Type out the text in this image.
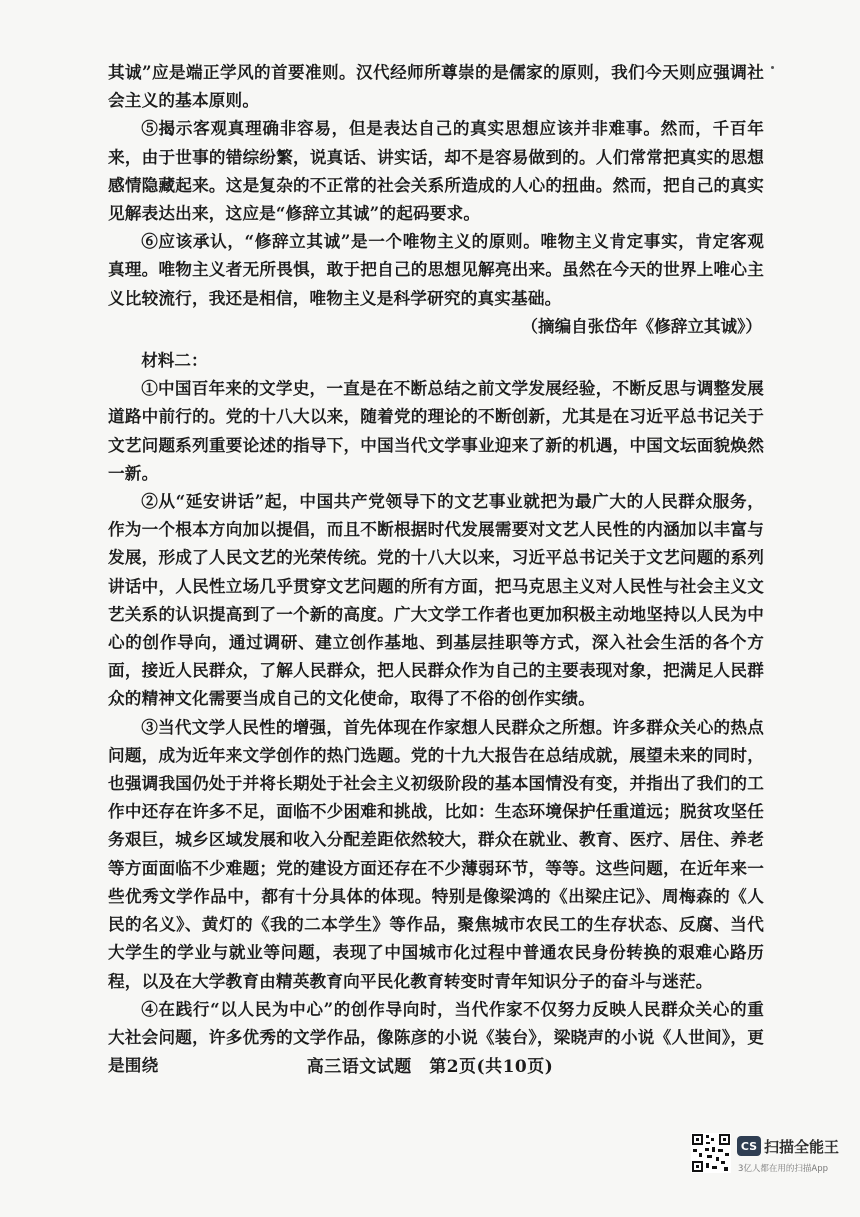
其诚”应是端正学风的首要准则。汉代经师所尊崇的是儒家的原则，我们今天则应强调社会主义的基本原则。

⑤揭示客观真理确非容易，但是表达自己的真实思想应该并非难事。然而，千百年来，由于世事的错综纷繁，说真话、讲实话，却不是容易做到的。人们常常把真实的思想感情隐藏起来。这是复杂的不正常的社会关系所造成的人心的扭曲。然而，把自己的真实见解表达出来，这应是“修辞立其诚”的起码要求。

⑥应该承认，“修辞立其诚”是一个唯物主义的原则。唯物主义肯定事实，肯定客观真理。唯物主义者无所畏惧，敢于把自己的思想见解亮出来。虽然在今天的世界上唯心主义比较流行，我还是相信，唯物主义是科学研究的真实基础。

（摘编自张岱年《修辞立其诚》）

材料二：

①中国百年来的文学史，一直是在不断总结之前文学发展经验，不断反思与调整发展道路中前行的。党的十八大以来，随着党的理论的不断创新，尤其是在习近平总书记关于文艺问题系列重要论述的指导下，中国当代文学事业迎来了新的机遇，中国文坛面貌焕然一新。

②从“延安讲话”起，中国共产党领导下的文艺事业就把为最广大的人民群众服务，作为一个根本方向加以提倡，而且不断根据时代发展需要对文艺人民性的内涵加以丰富与发展，形成了人民文艺的光荣传统。党的十八大以来，习近平总书记关于文艺问题的系列讲话中，人民性立场几乎贯穿文艺问题的所有方面，把马克思主义对人民性与社会主义文艺关系的认识提高到了一个新的高度。广大文学工作者也更加积极主动地坚持以人民为中心的创作导向，通过调研、建立创作基地、到基层挂职等方式，深入社会生活的各个方面，接近人民群众，了解人民群众，把人民群众作为自己的主要表现对象，把满足人民群众的精神文化需要当成自己的文化使命，取得了不俗的创作实绩。

③当代文学人民性的增强，首先体现在作家想人民群众之所想。许多群众关心的热点问题，成为近年来文学创作的热门选题。党的十九大报告在总结成就，展望未来的同时，也强调我国仍处于并将长期处于社会主义初级阶段的基本国情没有变，并指出了我们的工作中还存在许多不足，面临不少困难和挑战，比如：生态环境保护任重道远；脱贫攻坚任务艰巨，城乡区域发展和收入分配差距依然较大，群众在就业、教育、医疗、居住、养老等方面面临不少难题；党的建设方面还存在不少薄弱环节，等等。这些问题，在近年来一些优秀文学作品中，都有十分具体的体现。特别是像梁鸿的《出梁庄记》、周梅森的《人民的名义》、黄灯的《我的二本学生》等作品，聚焦城市农民工的生存状态、反腐、当代大学生的学业与就业等问题，表现了中国城市化过程中普通农民身份转换的艰难心路历程，以及在大学教育由精英教育向平民化教育转变时青年知识分子的奋斗与迷茫。

④在践行“以人民为中心”的创作导向时，当代作家不仅努力反映人民群众关心的重大社会问题，许多优秀的文学作品，像陈彦的小说《装台》，梁晓声的小说《人世间》，更是围绕	高三语文试题　第2页(共10页)
CS 扫描全能王
3亿人都在用的扫描App
